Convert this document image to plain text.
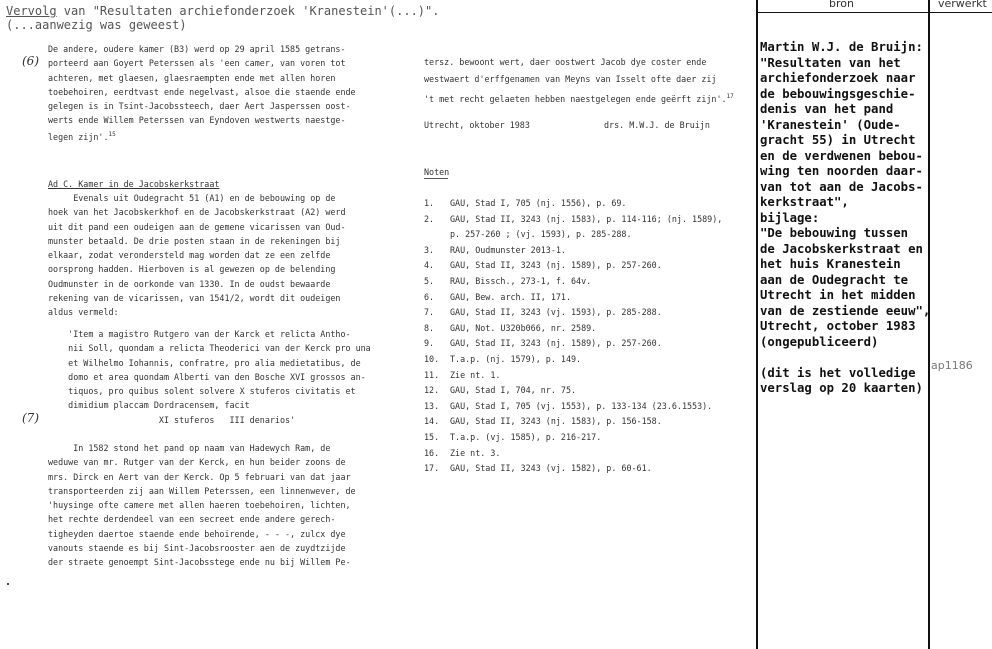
Vervolg van "Resultaten archiefonderzoek 'Kranestein'(...)".
(...aanwezig was geweest)
(6)
(7)
De andere, oudere kamer (B3) werd op 29 april 1585 getrans-
porteerd aan Goyert Peterssen als 'een camer, van voren tot
achteren, met glaesen, glaesraempten ende met allen horen
toebehoiren, eerdtvast ende negelvast, alsoe die staende ende
gelegen is in Tsint-Jacobssteech, daer Aert Jasperssen oost-
werts ende Willem Peterssen van Eyndoven westwerts naestge-
legen zijn'.$^{15}$
Ad C. Kamer in de Jacobskerkstraat
Evenals uit Oudegracht 51 (A1) en de bebouwing op de
hoek van het Jacobskerkhof en de Jacobskerkstraat (A2) werd
uit dit pand een oudeigen aan de gemene vicarissen van Oud-
munster betaald. De drie posten staan in de rekeningen bij
elkaar, zodat verondersteld mag worden dat ze een zelfde
oorsprong hadden. Hierboven is al gewezen op de belending
Oudmunster in de oorkonde van 1330. In de oudst bewaarde
rekening van de vicarissen, van 1541/2, wordt dit oudeigen
aldus vermeld:
'Item a magistro Rutgero van der Karck et relicta Antho-
nii Soll, quondam a relicta Theoderici van der Kerck pro una
et Wilhelmo Iohannis, confratre, pro alia medietatibus, de
domo et area quondam Alberti van den Bosche XVI grossos an-
tiquos, pro quibus solent solvere X stuferos civitatis et
dimidium placcam Dordracensem, facit
XI stuferos   III denarios'
In 1582 stond het pand op naam van Hadewych Ram, de
weduwe van mr. Rutger van der Kerck, en hun beider zoons de
mrs. Dirck en Aert van der Kerck. Op 5 februari van dat jaar
transporteerden zij aan Willem Peterssen, een linnenwever, de
'huysinge ofte camere met allen haeren toebehoiren, lichten,
het rechte derdendeel van een secreet ende andere gerech-
tigheyden daertoe staende ende behoirende, - - -, zulcx dye
vanouts staende es bij Sint-Jacobsrooster aen de zuydtzijde
der straete genoempt Sint-Jacobsstege ende nu bij Willem Pe-
tersz. bewoont wert, daer oostwert Jacob dye coster ende
westwaert d'erffgenamen van Meyns van Isselt ofte daer zij
't met recht gelaeten hebben naestgelegen ende geërft zijn'.$^{17}$
Utrecht, oktober 1983	drs. M.W.J. de Bruijn
Noten
1. GAU, Stad I, 705 (nj. 1556), p. 69.
2. GAU, Stad II, 3243 (nj. 1583), p. 114-116; (nj. 1589),
p. 257-260 ; (vj. 1593), p. 285-288.
3. RAU, Oudmunster 2013-1.
4. GAU, Stad II, 3243 (nj. 1589), p. 257-260.
5. RAU, Bissch., 273-1, f. 64v.
6. GAU, Bew. arch. II, 171.
7. GAU, Stad II, 3243 (vj. 1593), p. 285-288.
8. GAU, Not. U320b066, nr. 2589.
9. GAU, Stad II, 3243 (nj. 1589), p. 257-260.
10. T.a.p. (nj. 1579), p. 149.
11. Zie nt. 1.
12. GAU, Stad I, 704, nr. 75.
13. GAU, Stad I, 705 (vj. 1553), p. 133-134 (23.6.1553).
14. GAU, Stad II, 3243 (nj. 1583), p. 156-158.
15. T.a.p. (vj. 1585), p. 216-217.
16. Zie nt. 3.
17. GAU, Stad II, 3243 (vj. 1582), p. 60-61.
bron	verwerkt
Martin W.J. de Bruijn:
"Resultaten van het
archiefonderzoek naar
de bebouwingsgeschie-
denis van het pand
'Kranestein' (Oude-
gracht 55) in Utrecht
en de verdwenen bebou-
wing ten noorden daar-
van tot aan de Jacobs-
kerkstraat",
bijlage:
"De bebouwing tussen
de Jacobskerkstraat en
het huis Kranestein
aan de Oudegracht te
Utrecht in het midden
van de zestiende eeuw",
Utrecht, october 1983
(ongepubliceerd)

(dit is het volledige
verslag op 20 kaarten)
ap1186
